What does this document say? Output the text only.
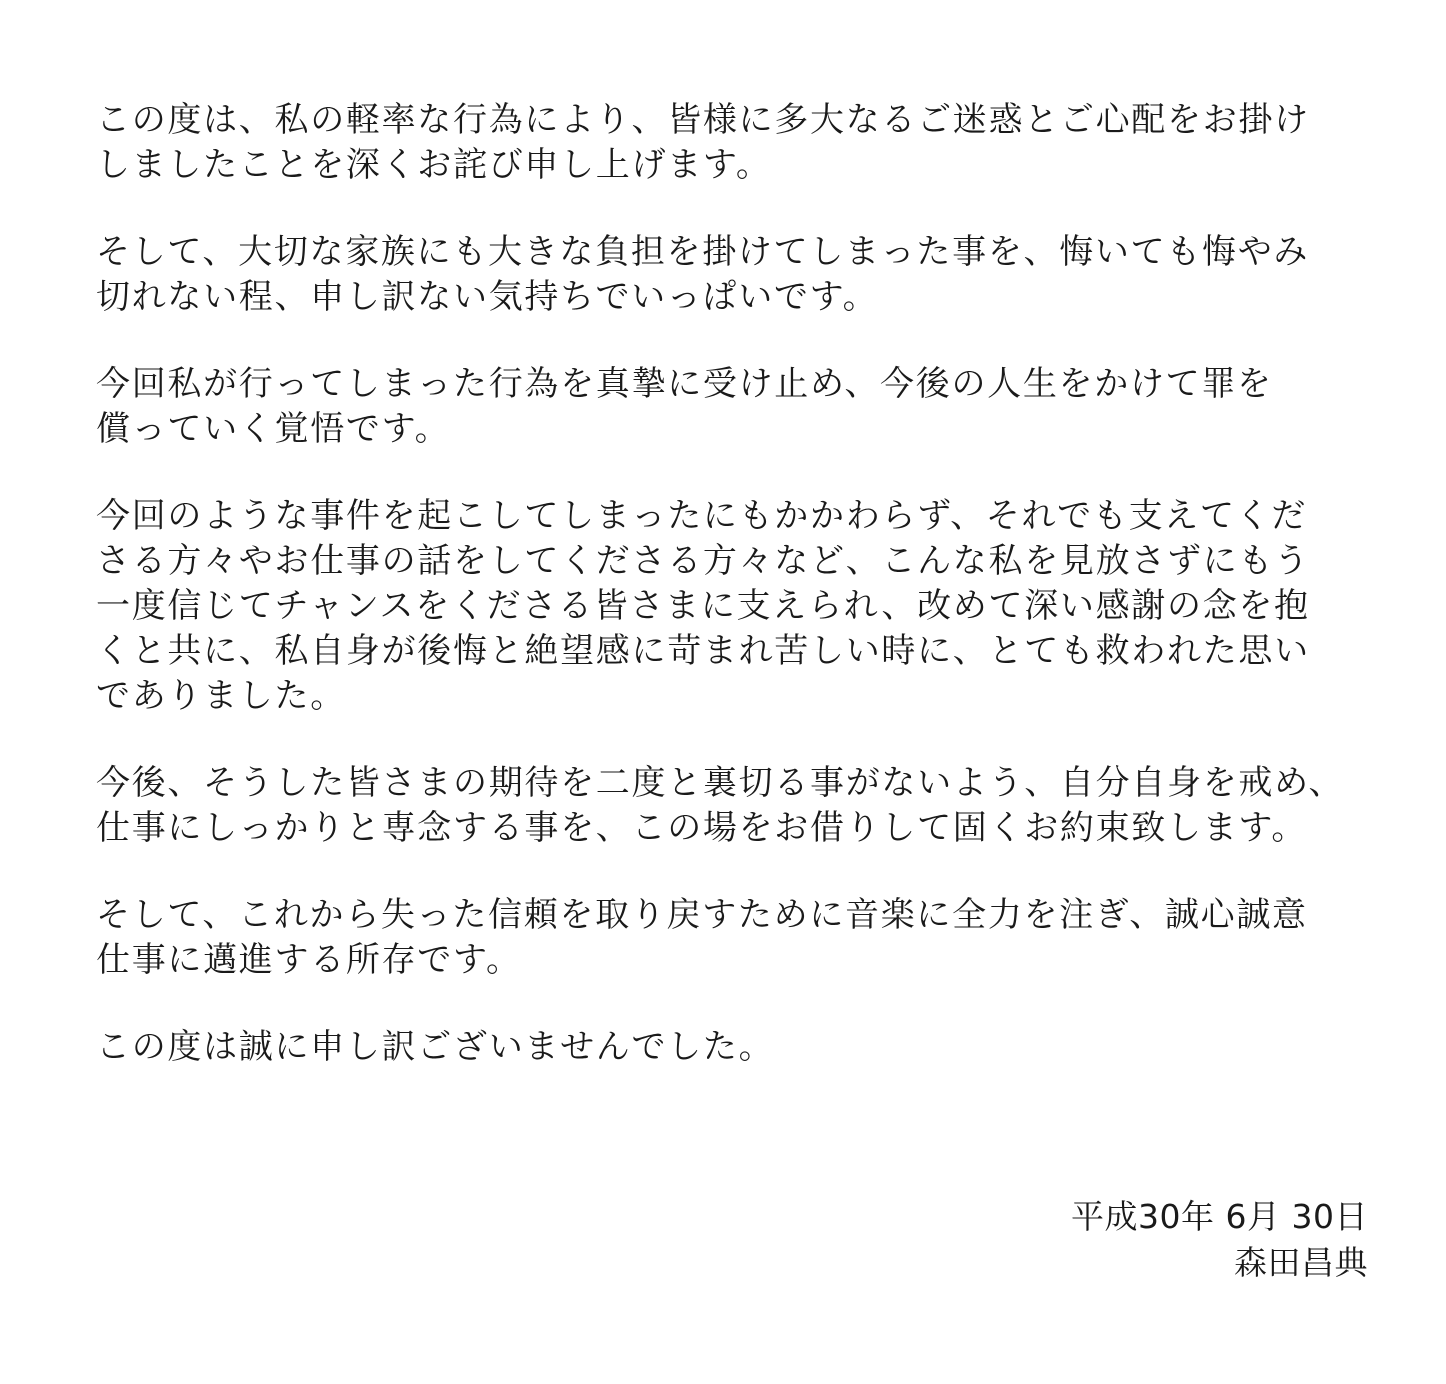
この度は、私の軽率な行為により、皆様に多大なるご迷惑とご心配をお掛け
しましたことを深くお詫び申し上げます。
そして、大切な家族にも大きな負担を掛けてしまった事を、悔いても悔やみ
切れない程、申し訳ない気持ちでいっぱいです。
今回私が行ってしまった行為を真摯に受け止め、今後の人生をかけて罪を
償っていく覚悟です。
今回のような事件を起こしてしまったにもかかわらず、それでも支えてくだ
さる方々やお仕事の話をしてくださる方々など、こんな私を見放さずにもう
一度信じてチャンスをくださる皆さまに支えられ、改めて深い感謝の念を抱
くと共に、私自身が後悔と絶望感に苛まれ苦しい時に、とても救われた思い
でありました。
今後、そうした皆さまの期待を二度と裏切る事がないよう、自分自身を戒め、
仕事にしっかりと専念する事を、この場をお借りして固くお約束致します。
そして、これから失った信頼を取り戻すために音楽に全力を注ぎ、誠心誠意
仕事に邁進する所存です。
この度は誠に申し訳ございませんでした。
平成30年 6月 30日
森田昌典
